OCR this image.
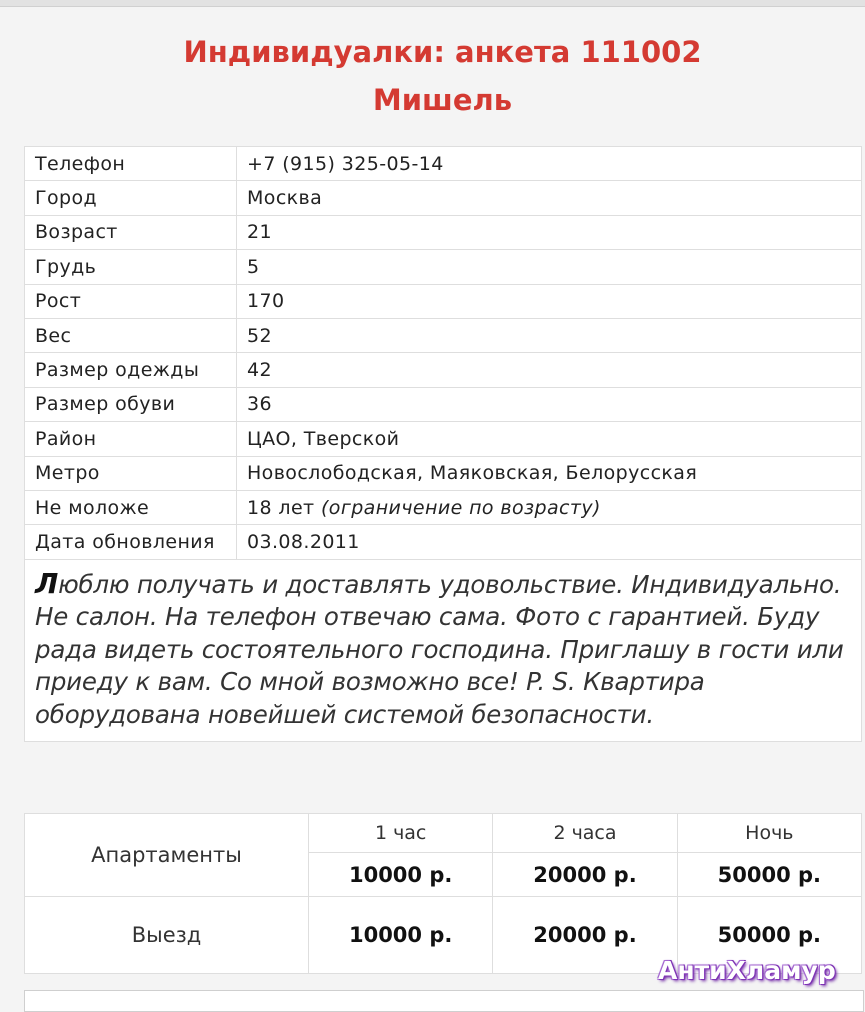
Индивидуалки: анкета 111002
Мишель
Телефон	+7 (915) 325-05-14
Город	Москва
Возраст	21
Грудь	5
Рост	170
Вес	52
Размер одежды	42
Размер обуви	36
Район	ЦАО, Тверской
Метро	Новослободская, Маяковская, Белорусская
Не моложе	18 лет (ограничение по возрасту)
Дата обновления	03.08.2011

Люблю получать и доставлять удовольствие. Индивидуально. Не салон. На телефон отвечаю сама. Фото с гарантией. Буду рада видеть состоятельного господина. Приглашу в гости или приеду к вам. Со мной возможно все! P. S. Квартира оборудована новейшей системой безопасности.	
Апартаменты	1 час	2 часа	Ночь
	10000 р.	20000 р.	50000 р.
Выезд	10000 р.	20000 р.	50000 р.
АнтиХламур
